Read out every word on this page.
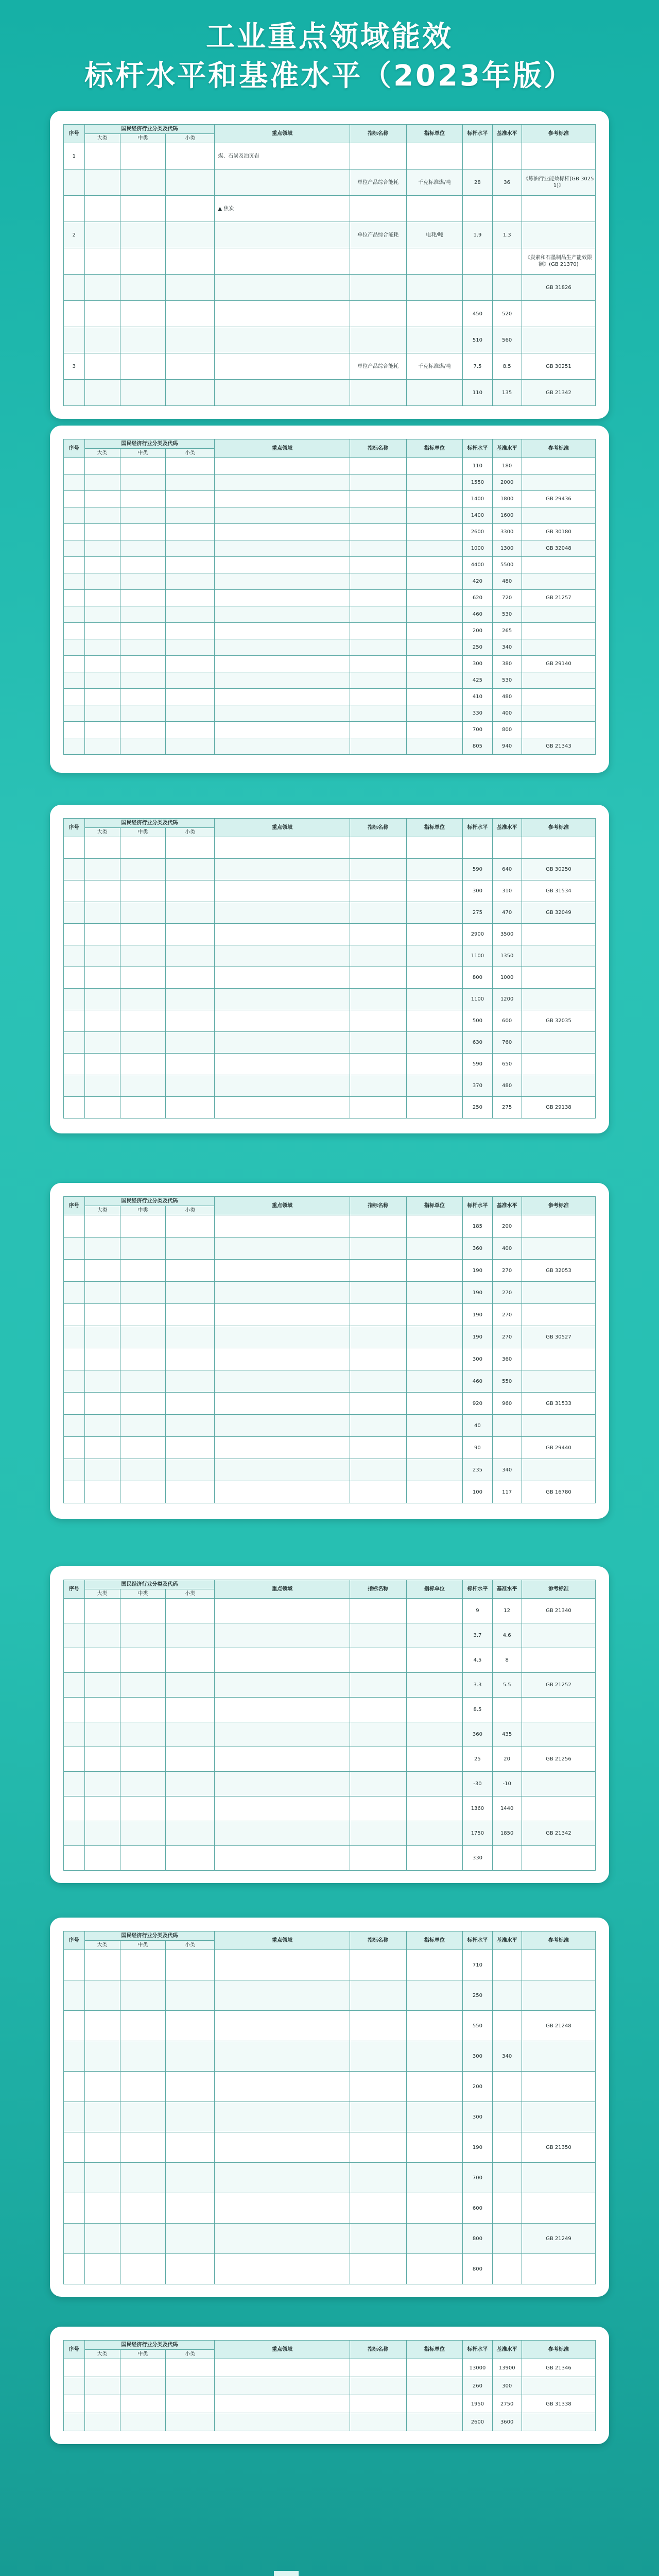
工业重点领域能效
标杆水平和基准水平（2023年版）
序号	国民经济行业分类及代码			重点领域	指标名称	指标单位	标杆水平	基准水平	参考标准
	大类	中类	小类						
1				煤、石炭及油页岩					
					单位产品综合能耗	千克标准煤/吨	28	36	《炼油行业能效标杆(GB 30251)》
				▲ 焦炭					
2					单位产品综合能耗	电耗/吨	1.9	1.3	
									《炭素和石墨制品生产能效限额》(GB 21370)
									GB 31826
							450	520	
							510	560	
3					单位产品综合能耗	千克标准煤/吨	7.5	8.5	GB 30251
							110	135	GB 21342
序号	国民经济行业分类及代码			重点领域	指标名称	指标单位	标杆水平	基准水平	参考标准
	大类	中类	小类						
							110	180	
							1550	2000	
							1400	1800	GB 29436
							1400	1600	
							2600	3300	GB 30180
							1000	1300	GB 32048
							4400	5500	
							420	480	
							620	720	GB 21257
							460	530	
							200	265	
							250	340	
							300	380	GB 29140
							425	530	
							410	480	
							330	400	
							700	800	
							805	940	GB 21343
序号	国民经济行业分类及代码			重点领域	指标名称	指标单位	标杆水平	基准水平	参考标准
	大类	中类	小类						

							590	640	GB 30250
							300	310	GB 31534
							275	470	GB 32049
							2900	3500	
							1100	1350	
							800	1000	
							1100	1200	
							500	600	GB 32035
							630	760	
							590	650	
							370	480	
							250	275	GB 29138
序号	国民经济行业分类及代码			重点领域	指标名称	指标单位	标杆水平	基准水平	参考标准
	大类	中类	小类						
							185	200	
							360	400	
							190	270	GB 32053
							190	270	
							190	270	
							190	270	GB 30527
							300	360	
							460	550	
							920	960	GB 31533
							40		
							90		GB 29440
							235	340	
							100	117	GB 16780
序号	国民经济行业分类及代码			重点领域	指标名称	指标单位	标杆水平	基准水平	参考标准
	大类	中类	小类						
							9	12	GB 21340
							3.7	4.6	
							4.5	8	
							3.3	5.5	GB 21252
							8.5		
							360	435	
							25	20	GB 21256
							-30	-10	
							1360	1440	
							1750	1850	GB 21342
							330		
序号	国民经济行业分类及代码			重点领域	指标名称	指标单位	标杆水平	基准水平	参考标准
	大类	中类	小类						
							710		
							250		
							550		GB 21248
							300	340	
							200		
							300		
							190		GB 21350
							700		
							600		
							800		GB 21249
							800		
序号	国民经济行业分类及代码			重点领域	指标名称	指标单位	标杆水平	基准水平	参考标准
	大类	中类	小类						
							13000	13900	GB 21346
							260	300	
							1950	2750	GB 31338
							2600	3600	
